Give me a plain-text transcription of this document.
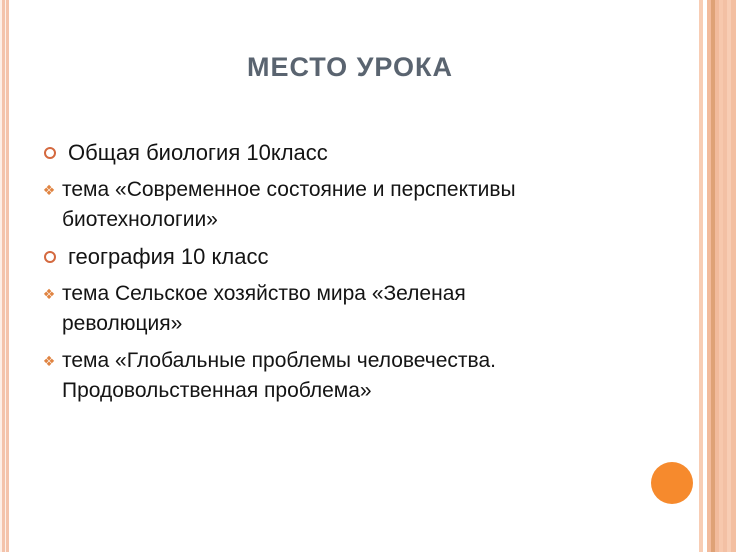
МЕСТО УРОКА
Общая биология 10класс
❖ тема «Современное состояние и перспективы
биотехнологии»
география 10 класс
❖ тема Сельское хозяйство мира «Зеленая
революция»
❖ тема «Глобальные проблемы человечества.
Продовольственная проблема»
